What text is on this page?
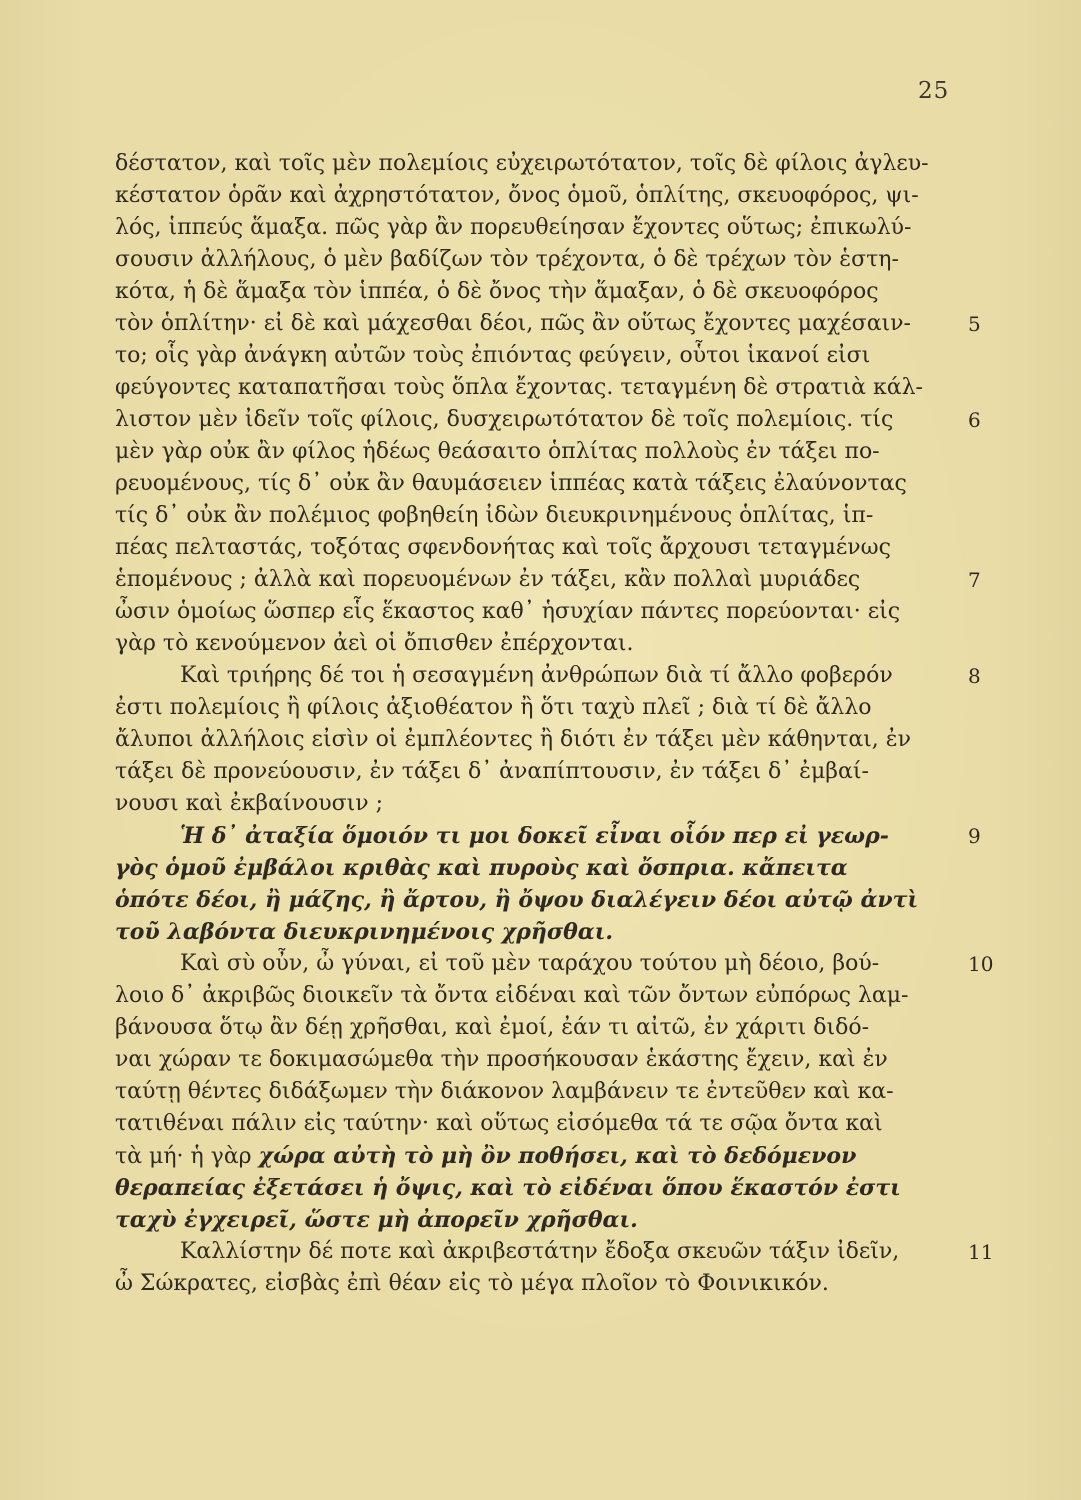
25
δέστατον, καὶ τοῖς μὲν πολεμίοις εὐχειρωτότατον, τοῖς δὲ φίλοις ἀγλευ-
κέστατον ὁρᾶν καὶ ἀχρηστότατον, ὄνος ὁμοῦ, ὁπλίτης, σκευοφόρος, ψι-
λός, ἱππεύς ἅμαξα. πῶς γὰρ ἂν πορευθείησαν ἔχοντες οὕτως; ἐπικωλύ-
σουσιν ἀλλήλους, ὁ μὲν βαδίζων τὸν τρέχοντα, ὁ δὲ τρέχων τὸν ἑστη-
κότα, ἡ δὲ ἅμαξα τὸν ἱππέα, ὁ δὲ ὄνος τὴν ἅμαξαν, ὁ δὲ σκευοφόρος
τὸν ὁπλίτην· εἰ δὲ καὶ μάχεσθαι δέοι, πῶς ἂν οὕτως ἔχοντες μαχέσαιν-
το; οἷς γὰρ ἀνάγκη αὐτῶν τοὺς ἐπιόντας φεύγειν, οὗτοι ἱκανοί εἰσι
φεύγοντες καταπατῆσαι τοὺς ὅπλα ἔχοντας. τεταγμένη δὲ στρατιὰ κάλ-
λιστον μὲν ἰδεῖν τοῖς φίλοις, δυσχειρωτότατον δὲ τοῖς πολεμίοις. τίς
μὲν γὰρ οὐκ ἂν φίλος ἡδέως θεάσαιτο ὁπλίτας πολλοὺς ἐν τάξει πο-
ρευομένους, τίς δ᾽ οὐκ ἂν θαυμάσειεν ἱππέας κατὰ τάξεις ἐλαύνοντας
τίς δ᾽ οὐκ ἂν πολέμιος φοβηθείη ἰδὼν διευκρινημένους ὁπλίτας, ἱπ-
πέας πελταστάς, τοξότας σφενδονήτας καὶ τοῖς ἄρχουσι τεταγμένως
ἑπομένους ; ἀλλὰ καὶ πορευομένων ἐν τάξει, κἂν πολλαὶ μυριάδες
ὦσιν ὁμοίως ὥσπερ εἷς ἕκαστος καθ᾽ ἡσυχίαν πάντες πορεύονται· εἰς
γὰρ τὸ κενούμενον ἀεὶ οἱ ὄπισθεν ἐπέρχονται.
Καὶ τριήρης δέ τοι ἡ σεσαγμένη ἀνθρώπων διὰ τί ἄλλο φοβερόν
ἐστι πολεμίοις ἢ φίλοις ἀξιοθέατον ἢ ὅτι ταχὺ πλεῖ ; διὰ τί δὲ ἄλλο
ἄλυποι ἀλλήλοις εἰσὶν οἱ ἐμπλέοντες ἢ διότι ἐν τάξει μὲν κάθηνται, ἐν
τάξει δὲ προνεύουσιν, ἐν τάξει δ᾽ ἀναπίπτουσιν, ἐν τάξει δ᾽ ἐμβαί-
νουσι καὶ ἐκβαίνουσιν ;
Ἡ δ᾽ ἀταξία ὅμοιόν τι μοι δοκεῖ εἶναι οἷόν περ εἰ γεωρ-
γὸς ὁμοῦ ἐμβάλοι κριθὰς καὶ πυροὺς καὶ ὄσπρια. κἄπειτα
ὁπότε δέοι, ἢ μάζης, ἢ ἄρτου, ἢ ὄψου διαλέγειν δέοι αὐτῷ ἀντὶ
τοῦ λαβόντα διευκρινημένοις χρῆσθαι.
Καὶ σὺ οὖν, ὦ γύναι, εἰ τοῦ μὲν ταράχου τούτου μὴ δέοιο, βού-
λοιο δ᾽ ἀκριβῶς διοικεῖν τὰ ὄντα εἰδέναι καὶ τῶν ὄντων εὐπόρως λαμ-
βάνουσα ὅτῳ ἂν δέῃ χρῆσθαι, καὶ ἐμοί, ἐάν τι αἰτῶ, ἐν χάριτι διδό-
ναι χώραν τε δοκιμασώμεθα τὴν προσήκουσαν ἑκάστης ἔχειν, καὶ ἐν
ταύτῃ θέντες διδάξωμεν τὴν διάκονον λαμβάνειν τε ἐντεῦθεν καὶ κα-
τατιθέναι πάλιν εἰς ταύτην· καὶ οὕτως εἰσόμεθα τά τε σῷα ὄντα καὶ
τὰ μή· ἡ γὰρ χώρα αὐτὴ τὸ μὴ ὂν ποθήσει, καὶ τὸ δεδόμενον
θεραπείας ἐξετάσει ἡ ὄψις, καὶ τὸ εἰδέναι ὅπου ἕκαστόν ἐστι
ταχὺ ἐγχειρεῖ, ὥστε μὴ ἀπορεῖν χρῆσθαι.
Καλλίστην δέ ποτε καὶ ἀκριβεστάτην ἔδοξα σκευῶν τάξιν ἰδεῖν,
ὦ Σώκρατες, εἰσβὰς ἐπὶ θέαν εἰς τὸ μέγα πλοῖον τὸ Φοινικικόν.
5
6
7
8
9
10
11
